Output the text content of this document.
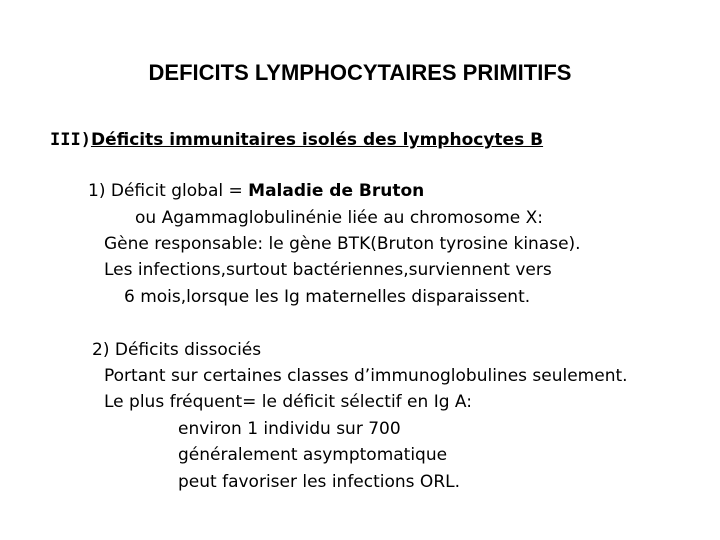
DEFICITS LYMPHOCYTAIRES PRIMITIFS
III)Déficits immunitaires isolés des lymphocytes B
1) Déficit global = Maladie de Bruton
ou Agammaglobulinénie liée au chromosome X:
Gène responsable: le gène BTK(Bruton tyrosine kinase).
Les infections,surtout bactériennes,surviennent vers
6 mois,lorsque les Ig maternelles disparaissent.
2) Déficits dissociés
Portant sur certaines classes d’immunoglobulines seulement.
Le plus fréquent= le déficit sélectif en Ig A:
environ 1 individu sur 700
généralement asymptomatique
peut favoriser les infections ORL.
